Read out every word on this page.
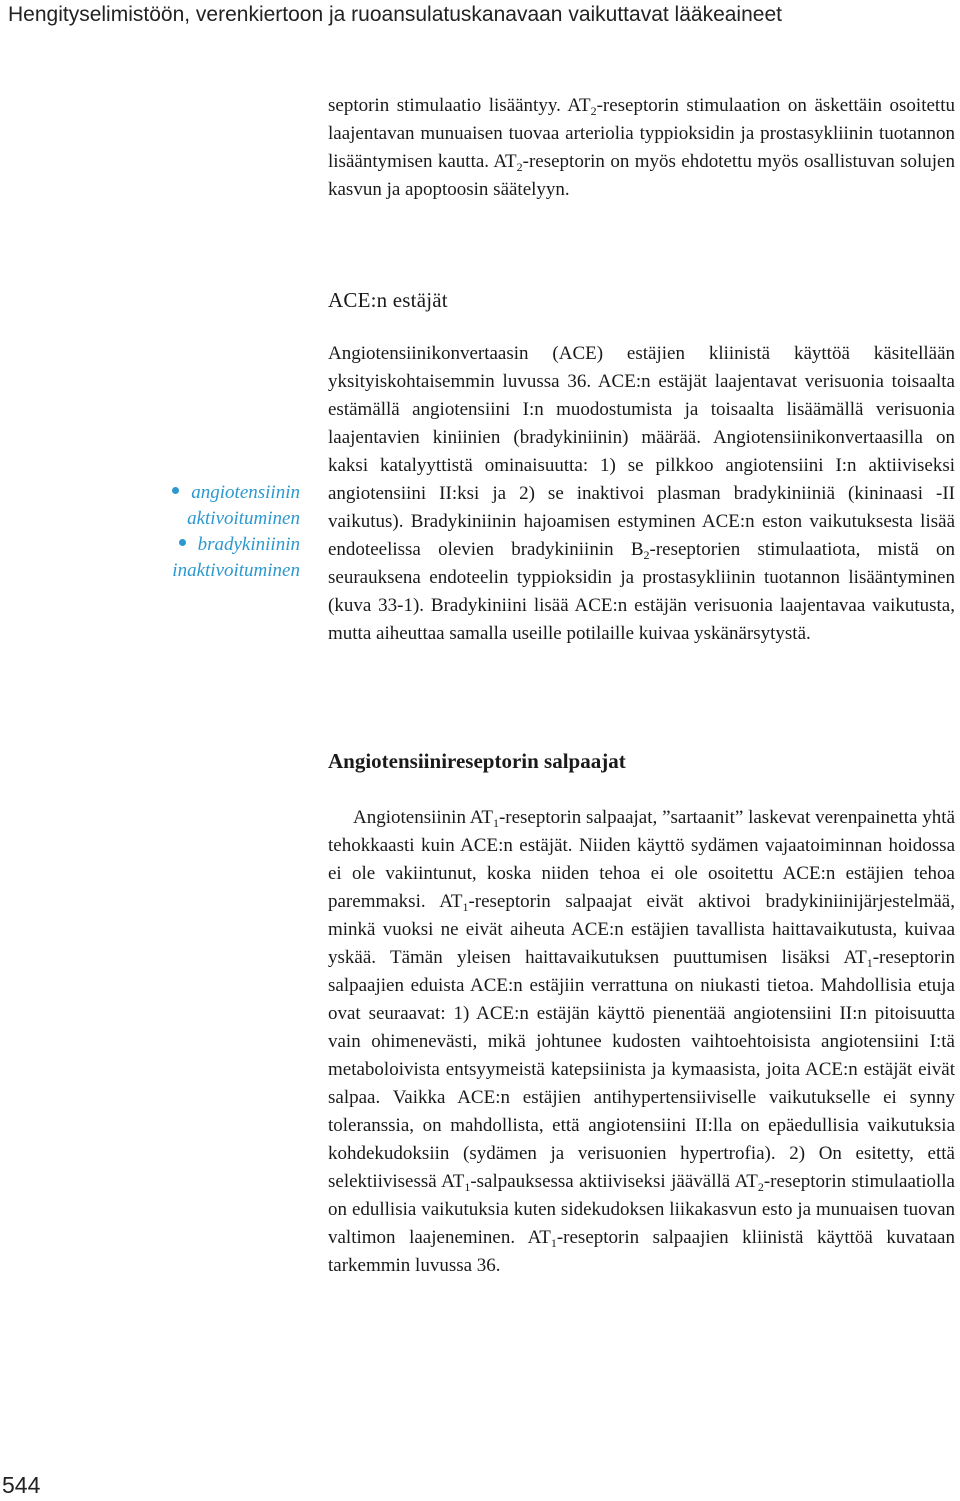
Hengityselimistöön, verenkiertoon ja ruoansulatuskanavaan vaikuttavat lääkeaineet

septorin stimulaatio lisääntyy. $AT_2$-reseptorin stimulaation on äskettäin osoitettu laajentavan munuaisen tuovaa arteriolia typpioksidin ja prostasykliinin tuotannon lisääntymisen kautta. $AT_2$-reseptorin on myös ehdotettu myös osallistuvan solujen kasvun ja apoptoosin säätelyyn.

ACE:n estäjät

Angiotensiinikonvertaasin (ACE) estäjien kliinistä käyttöä käsitellään yksityiskohtaisemmin luvussa 36. ACE:n estäjät laajentavat verisuonia toisaalta estämällä angiotensiini I:n muodostumista ja toisaalta lisäämällä verisuonia laajentavien kiniinien (bradykiniinin) määrää. Angiotensiinikonvertaasilla on kaksi katalyyttistä ominaisuutta: 1) se pilkkoo angiotensiini I:n aktiiviseksi angiotensiini II:ksi ja 2) se inaktivoi plasman bradykiniiniä (kininaasi -II vaikutus). Bradykiniinin hajoamisen estyminen ACE:n eston vaikutuksesta lisää endoteelissa olevien bradykiniinin $B_2$-reseptorien stimulaatiota, mistä on seurauksena endoteelin typpioksidin ja prostasykliinin tuotannon lisääntyminen (kuva 33-1). Bradykiniini lisää ACE:n estäjän verisuonia laajentavaa vaikutusta, mutta aiheuttaa samalla useille potilaille kuivaa yskänärsytystä.

angiotensiinin
aktivoituminen
bradykiniinin
inaktivoituminen
Angiotensiinireseptorin salpaajat

Angiotensiinin $AT_1$-reseptorin salpaajat, ”sartaanit” laskevat verenpainetta yhtä tehokkaasti kuin ACE:n estäjät. Niiden käyttö sydämen vajaatoiminnan hoidossa ei ole vakiintunut, koska niiden tehoa ei ole osoitettu ACE:n estäjien tehoa paremmaksi. $AT_1$-reseptorin salpaajat eivät aktivoi bradykiniinijärjestelmää, minkä vuoksi ne eivät aiheuta ACE:n estäjien tavallista haittavaikutusta, kuivaa yskää. Tämän yleisen haittavaikutuksen puuttumisen lisäksi $AT_1$-reseptorin salpaajien eduista ACE:n estäjiin verrattuna on niukasti tietoa. Mahdollisia etuja ovat seuraavat: 1) ACE:n estäjän käyttö pienentää angiotensiini II:n pitoisuutta vain ohimenevästi, mikä johtunee kudosten vaihtoehtoisista angiotensiini I:tä metaboloivista entsyymeistä katepsiinista ja kymaasista, joita ACE:n estäjät eivät salpaa. Vaikka ACE:n estäjien antihypertensiiviselle vaikutukselle ei synny toleranssia, on mahdollista, että angiotensiini II:lla on epäedullisia vaikutuksia kohdekudoksiin (sydämen ja verisuonien hypertrofia). 2) On esitetty, että selektiivisessä $AT_1$-salpauksessa aktiiviseksi jäävällä $AT_2$-reseptorin stimulaatiolla on edullisia vaikutuksia kuten sidekudoksen liikakasvun esto ja munuaisen tuovan valtimon laajeneminen. $AT_1$-reseptorin salpaajien kliinistä käyttöä kuvataan tarkemmin luvussa 36.

544
